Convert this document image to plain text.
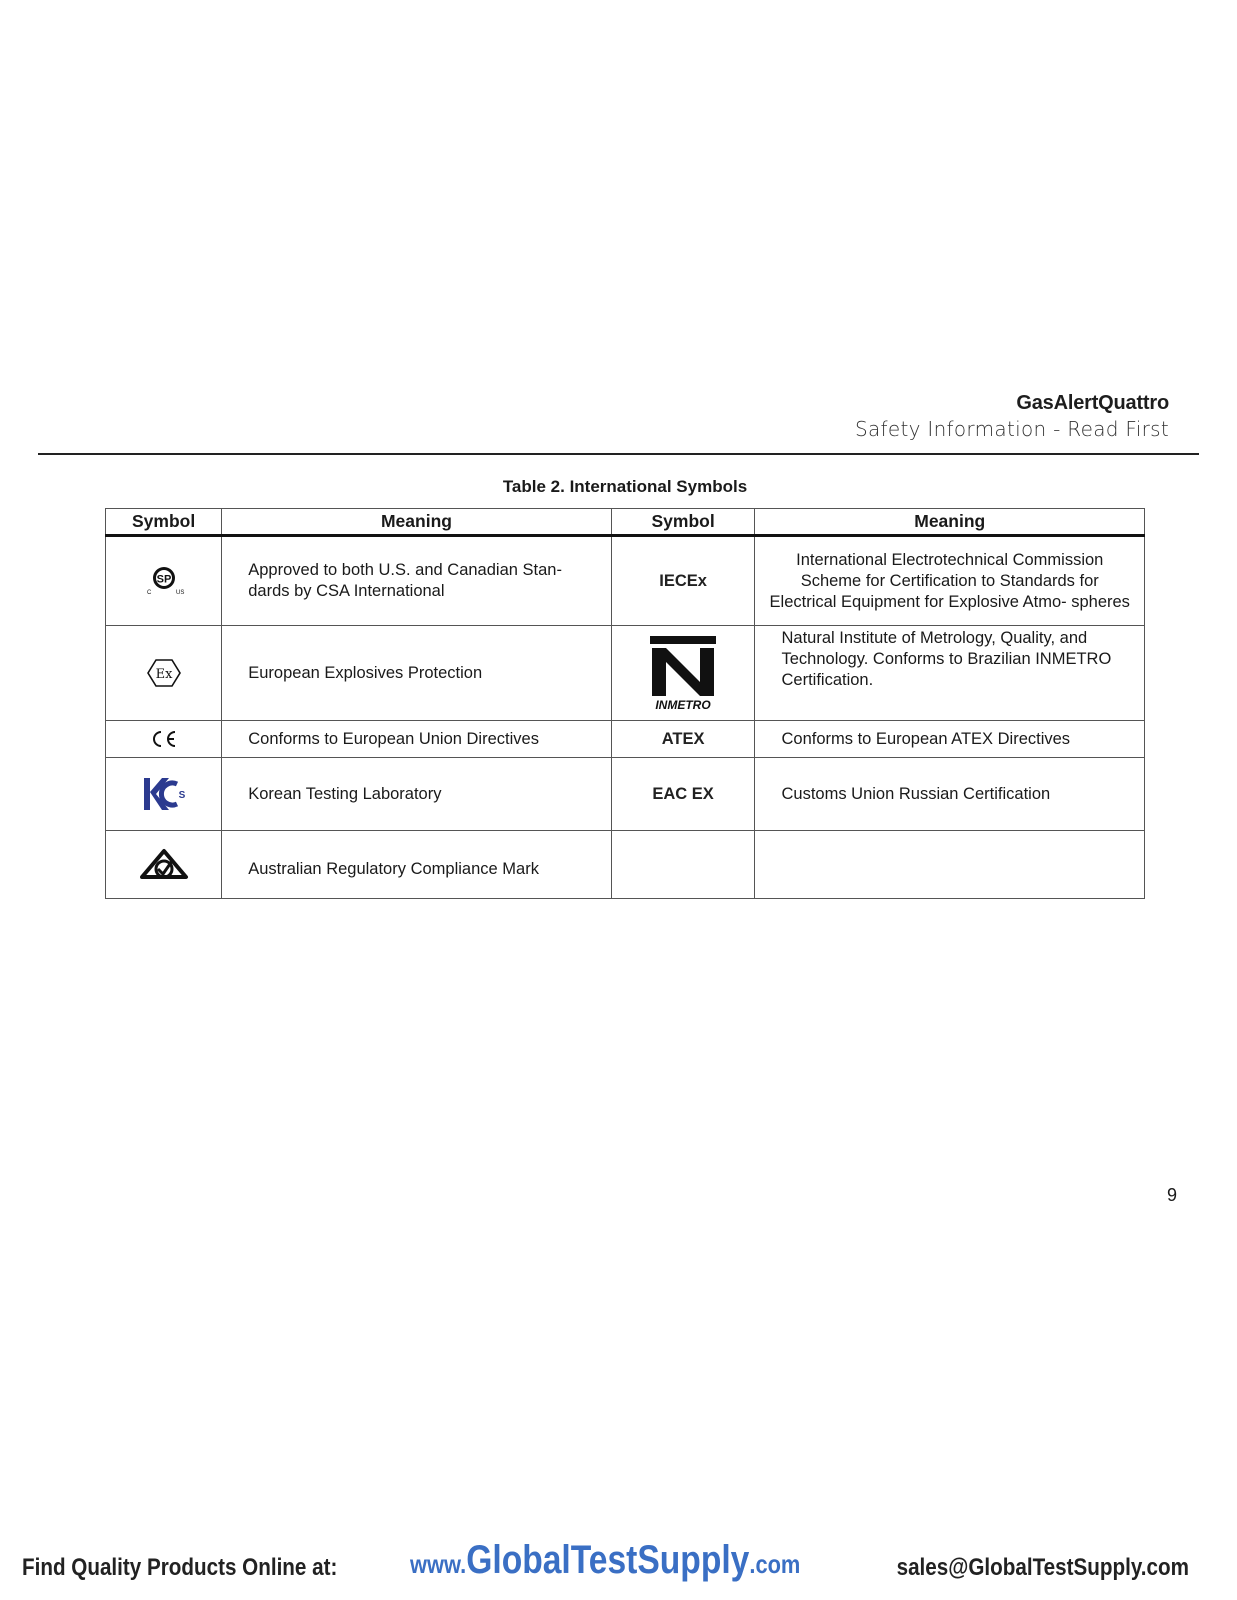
GasAlertQuattro
Safety Information - Read First
Table 2. International Symbols
Symbol	Meaning	Symbol	Meaning

SP
C US	Approved to both U.S. and Canadian Stan- dards by CSA International	IECEx	International Electrotechnical Commission Scheme for Certification to Standards for Electrical Equipment for Explosive Atmo- spheres

Ex	European Explosives Protection	INMETRO	Natural Institute of Metrology, Quality, and Technology. Conforms to Brazilian INMETRO Certification.

	Conforms to European Union Directives	ATEX	Conforms to European ATEX Directives

S	Korean Testing Laboratory	EAC EX	Customs Union Russian Certification

	Australian Regulatory Compliance Mark		
9
Find Quality Products Online at:	www.GlobalTestSupply.com	sales@GlobalTestSupply.com
